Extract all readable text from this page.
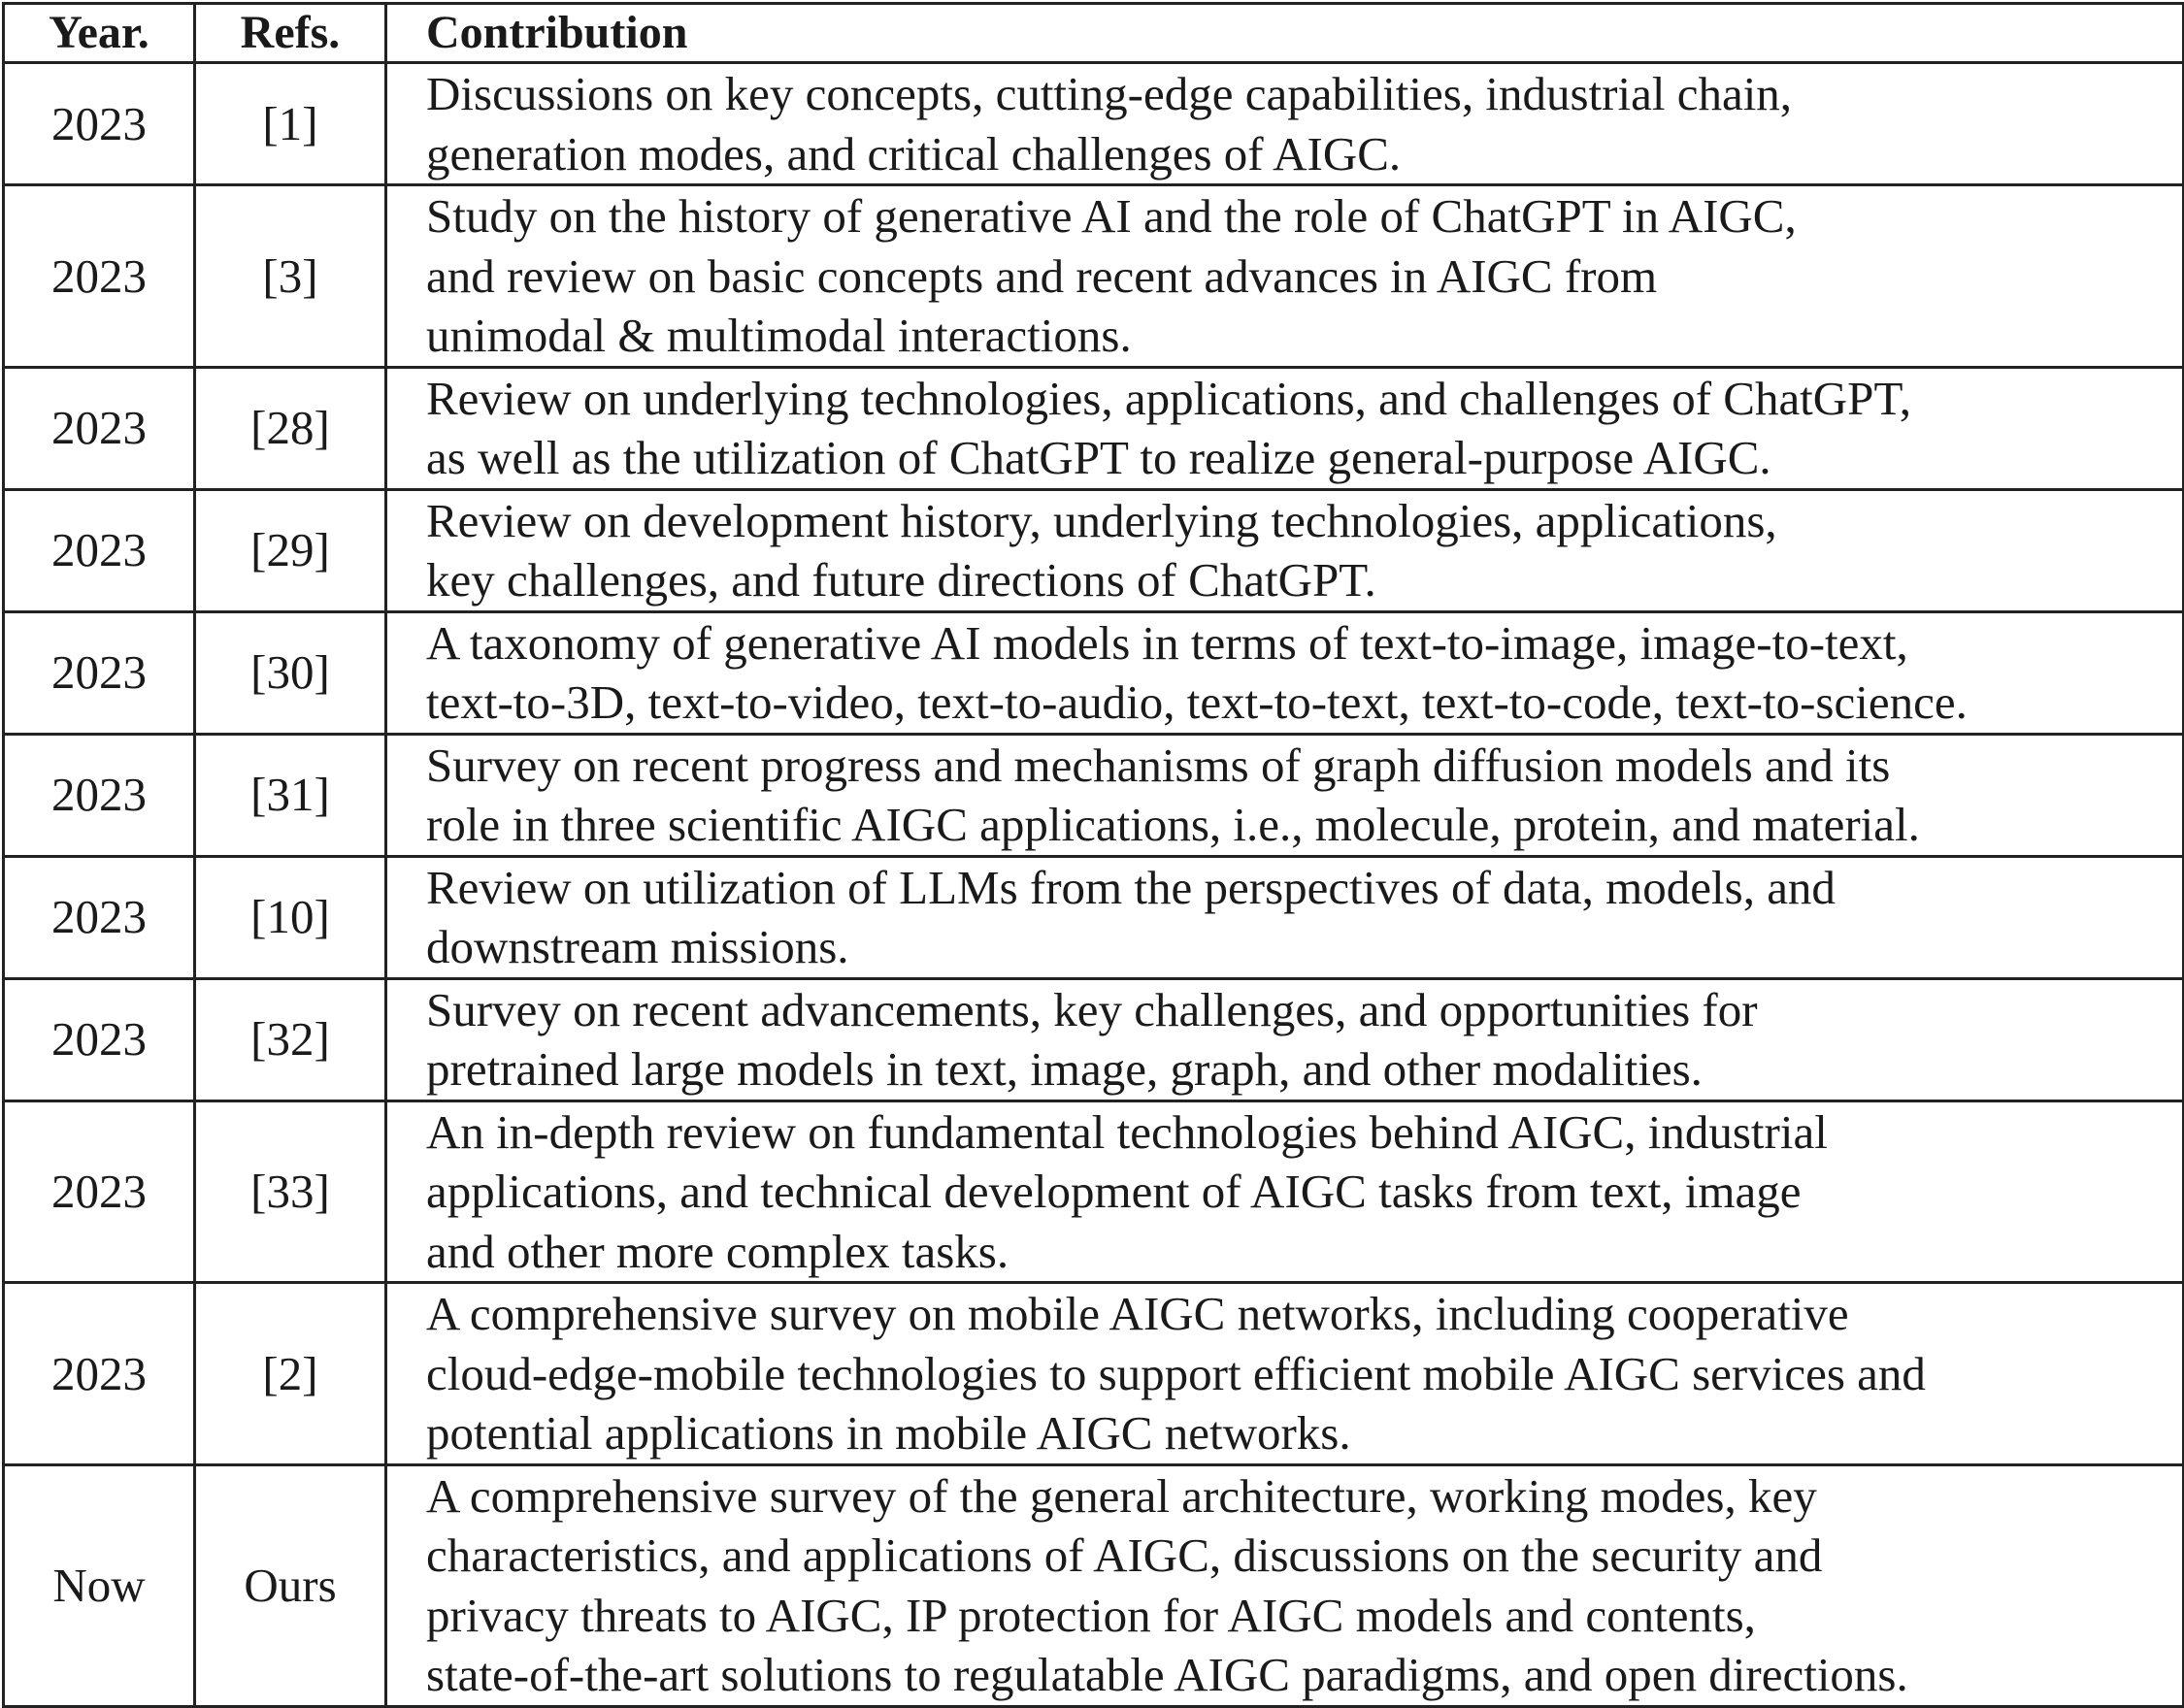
Year.	Refs.	Contribution
2023	[1]	Discussions on key concepts, cutting-edge capabilities, industrial chain,
generation modes, and critical challenges of AIGC.
2023	[3]	Study on the history of generative AI and the role of ChatGPT in AIGC,
and review on basic concepts and recent advances in AIGC from
unimodal & multimodal interactions.
2023	[28]	Review on underlying technologies, applications, and challenges of ChatGPT,
as well as the utilization of ChatGPT to realize general-purpose AIGC.
2023	[29]	Review on development history, underlying technologies, applications,
key challenges, and future directions of ChatGPT.
2023	[30]	A taxonomy of generative AI models in terms of text-to-image, image-to-text,
text-to-3D, text-to-video, text-to-audio, text-to-text, text-to-code, text-to-science.
2023	[31]	Survey on recent progress and mechanisms of graph diffusion models and its
role in three scientific AIGC applications, i.e., molecule, protein, and material.
2023	[10]	Review on utilization of LLMs from the perspectives of data, models, and
downstream missions.
2023	[32]	Survey on recent advancements, key challenges, and opportunities for
pretrained large models in text, image, graph, and other modalities.
2023	[33]	An in-depth review on fundamental technologies behind AIGC, industrial
applications, and technical development of AIGC tasks from text, image
and other more complex tasks.
2023	[2]	A comprehensive survey on mobile AIGC networks, including cooperative
cloud-edge-mobile technologies to support efficient mobile AIGC services and
potential applications in mobile AIGC networks.
Now	Ours	A comprehensive survey of the general architecture, working modes, key
characteristics, and applications of AIGC, discussions on the security and
privacy threats to AIGC, IP protection for AIGC models and contents,
state-of-the-art solutions to regulatable AIGC paradigms, and open directions.
